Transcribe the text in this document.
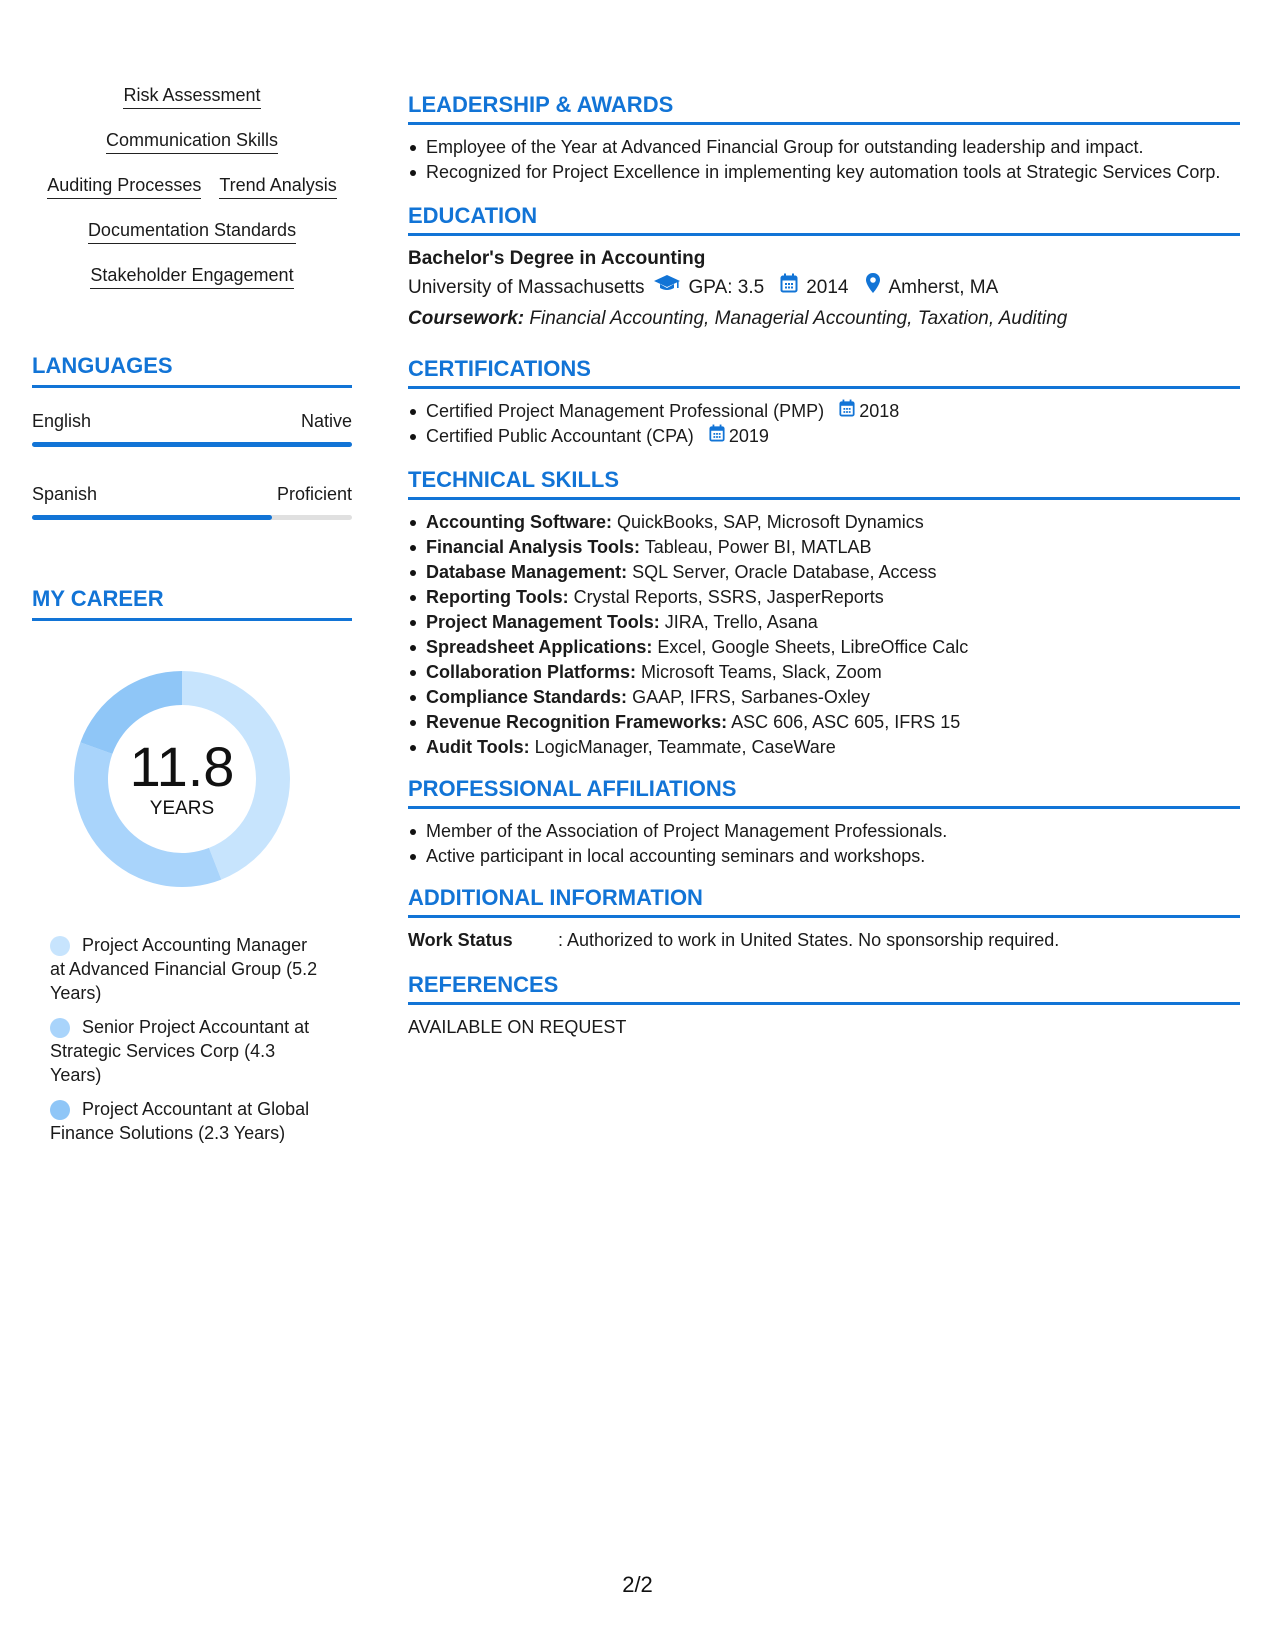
Risk Assessment
Communication Skills
Auditing Processes Trend Analysis
Documentation Standards
Stakeholder Engagement
LANGUAGES
English	Native
Spanish	Proficient
MY CAREER
11.8
YEARS
Project Accounting Manager at Advanced Financial Group (5.2 Years)
Senior Project Accountant at Strategic Services Corp (4.3 Years)
Project Accountant at Global Finance Solutions (2.3 Years)
LEADERSHIP & AWARDS
Employee of the Year at Advanced Financial Group for outstanding leadership and impact.
Recognized for Project Excellence in implementing key automation tools at Strategic Services Corp.
EDUCATION
Bachelor's Degree in Accounting
University of Massachusetts GPA: 3.5 2014 Amherst, MA
Coursework: Financial Accounting, Managerial Accounting, Taxation, Auditing
CERTIFICATIONS
Certified Project Management Professional (PMP) 2018
Certified Public Accountant (CPA) 2019
TECHNICAL SKILLS
Accounting Software: QuickBooks, SAP, Microsoft Dynamics
Financial Analysis Tools: Tableau, Power BI, MATLAB
Database Management: SQL Server, Oracle Database, Access
Reporting Tools: Crystal Reports, SSRS, JasperReports
Project Management Tools: JIRA, Trello, Asana
Spreadsheet Applications: Excel, Google Sheets, LibreOffice Calc
Collaboration Platforms: Microsoft Teams, Slack, Zoom
Compliance Standards: GAAP, IFRS, Sarbanes-Oxley
Revenue Recognition Frameworks: ASC 606, ASC 605, IFRS 15
Audit Tools: LogicManager, Teammate, CaseWare
PROFESSIONAL AFFILIATIONS
Member of the Association of Project Management Professionals.
Active participant in local accounting seminars and workshops.
ADDITIONAL INFORMATION
Work Status	: Authorized to work in United States. No sponsorship required.
REFERENCES
AVAILABLE ON REQUEST
2/2
